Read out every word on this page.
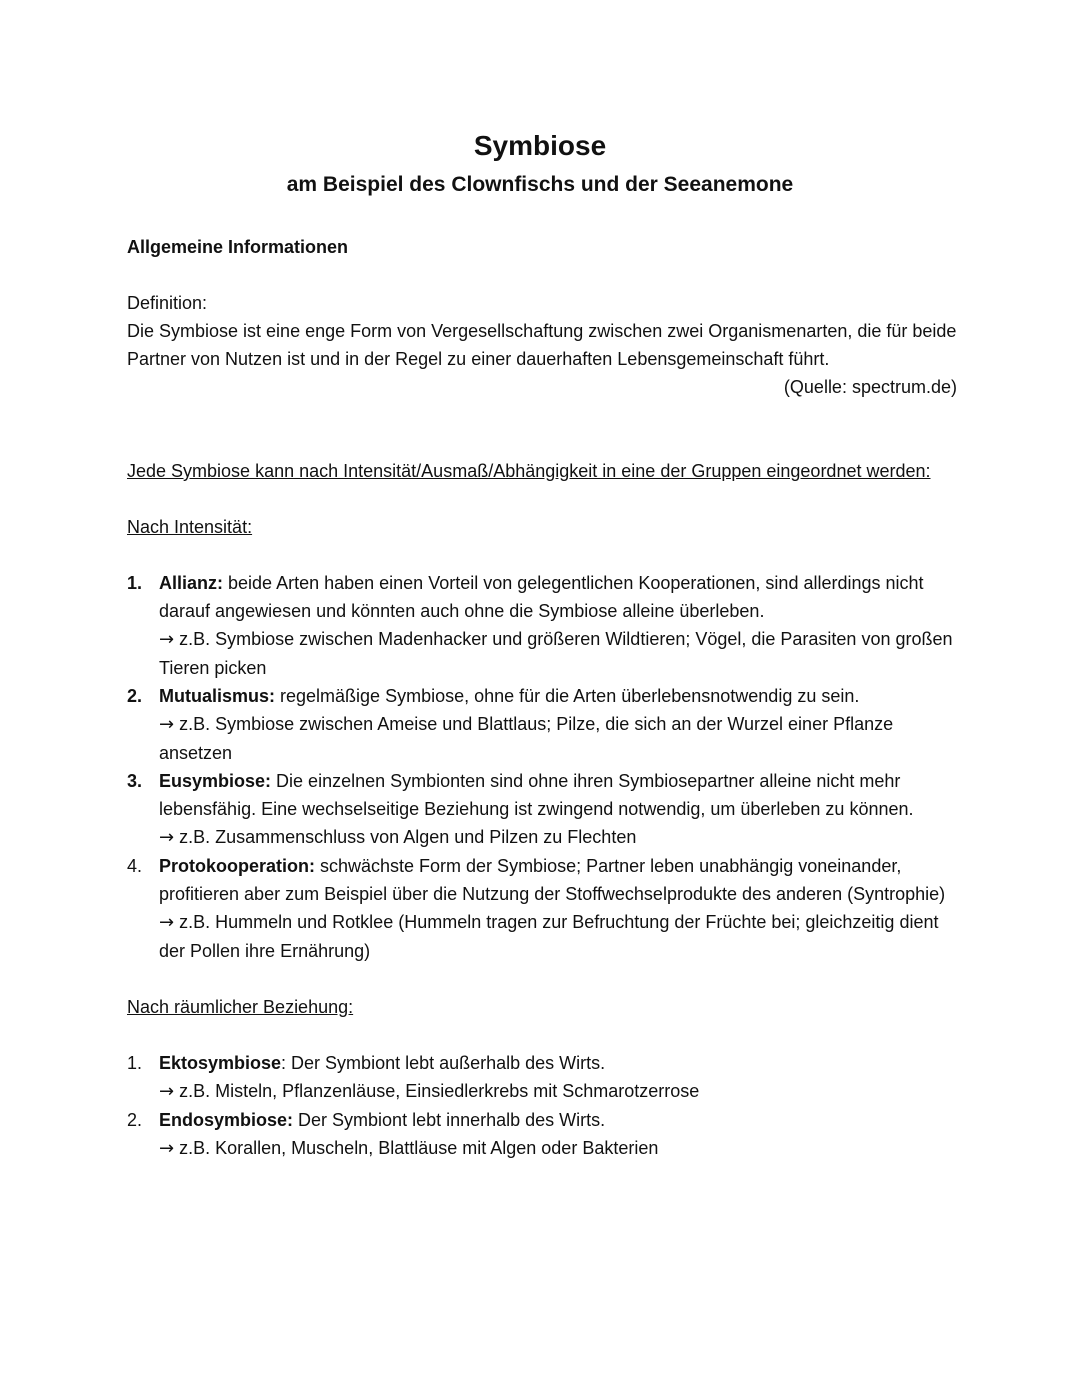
Symbiose
am Beispiel des Clownfischs und der Seeanemone

Allgemeine Informationen

Definition:

Die Symbiose ist eine enge Form von Vergesellschaftung zwischen zwei Organismenarten, die für beide Partner von Nutzen ist und in der Regel zu einer dauerhaften Lebensgemeinschaft führt.

(Quelle: spectrum.de)

Jede Symbiose kann nach Intensität/Ausmaß/Abhängigkeit in eine der Gruppen eingeordnet werden:

Nach Intensität:

1. Allianz: beide Arten haben einen Vorteil von gelegentlichen Kooperationen, sind allerdings nicht darauf angewiesen und könnten auch ohne die Symbiose alleine überleben.
→ z.B. Symbiose zwischen Madenhacker und größeren Wildtieren; Vögel, die Parasiten von großen Tieren picken
2. Mutualismus: regelmäßige Symbiose, ohne für die Arten überlebensnotwendig zu sein.
→ z.B. Symbiose zwischen Ameise und Blattlaus; Pilze, die sich an der Wurzel einer Pflanze ansetzen
3. Eusymbiose: Die einzelnen Symbionten sind ohne ihren Symbiosepartner alleine nicht mehr lebensfähig. Eine wechselseitige Beziehung ist zwingend notwendig, um überleben zu können.
→ z.B. Zusammenschluss von Algen und Pilzen zu Flechten
4. Protokooperation: schwächste Form der Symbiose; Partner leben unabhängig voneinander, profitieren aber zum Beispiel über die Nutzung der Stoffwechselprodukte des anderen (Syntrophie)
→ z.B. Hummeln und Rotklee (Hummeln tragen zur Befruchtung der Früchte bei; gleichzeitig dient der Pollen ihre Ernährung)

Nach räumlicher Beziehung:

1. Ektosymbiose: Der Symbiont lebt außerhalb des Wirts.
→ z.B. Misteln, Pflanzenläuse, Einsiedlerkrebs mit Schmarotzerrose
2. Endosymbiose: Der Symbiont lebt innerhalb des Wirts.
→ z.B. Korallen, Muscheln, Blattläuse mit Algen oder Bakterien
